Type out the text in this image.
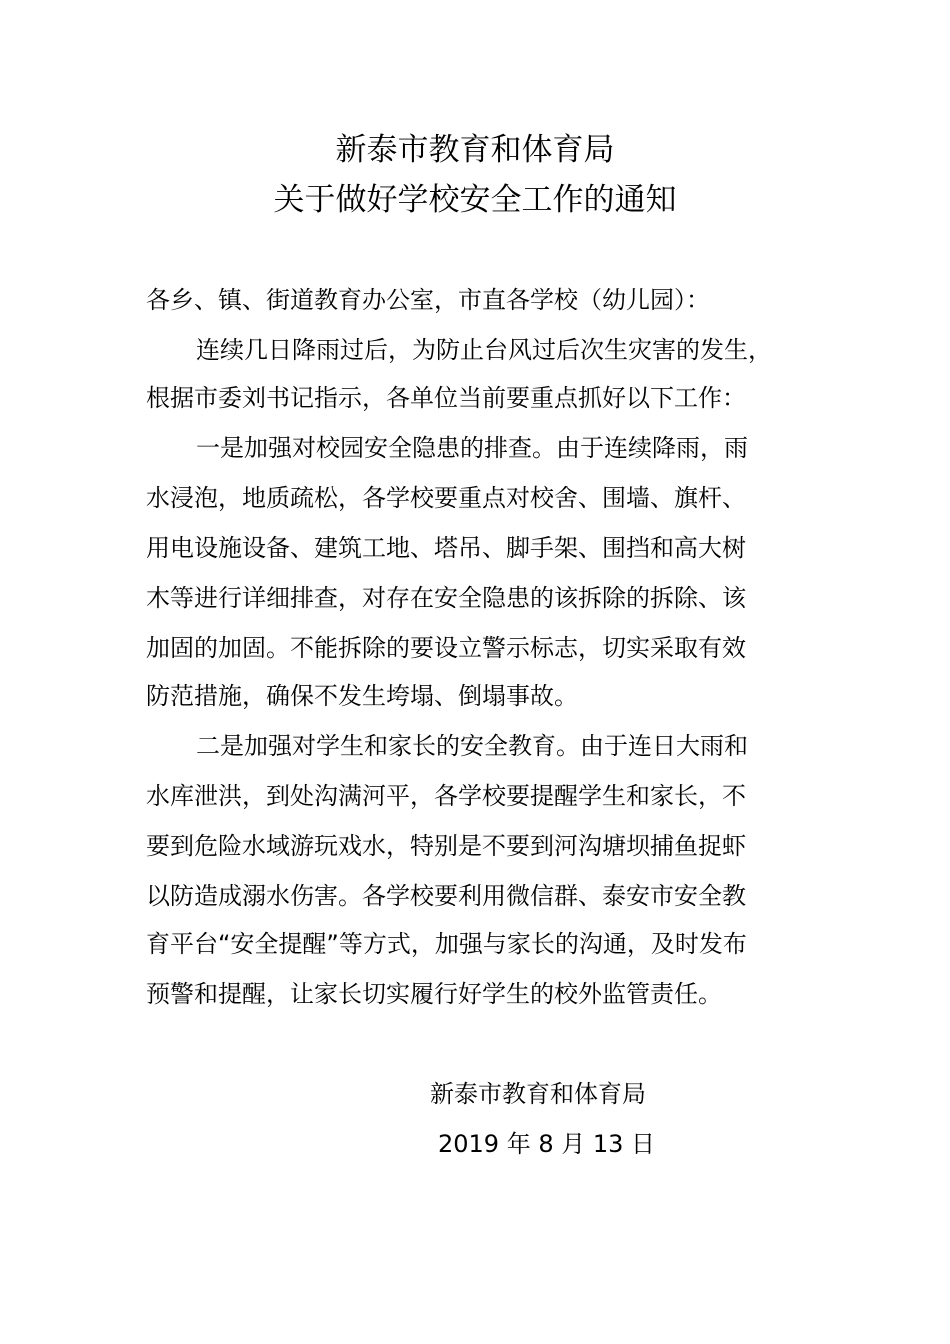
新泰市教育和体育局
关于做好学校安全工作的通知
各乡、镇、街道教育办公室，市直各学校（幼儿园）：
连续几日降雨过后，为防止台风过后次生灾害的发生，
根据市委刘书记指示，各单位当前要重点抓好以下工作：
一是加强对校园安全隐患的排查。由于连续降雨，雨
水浸泡，地质疏松，各学校要重点对校舍、围墙、旗杆、
用电设施设备、建筑工地、塔吊、脚手架、围挡和高大树
木等进行详细排查，对存在安全隐患的该拆除的拆除、该
加固的加固。不能拆除的要设立警示标志，切实采取有效
防范措施，确保不发生垮塌、倒塌事故。
二是加强对学生和家长的安全教育。由于连日大雨和
水库泄洪，到处沟满河平，各学校要提醒学生和家长，不
要到危险水域游玩戏水，特别是不要到河沟塘坝捕鱼捉虾
以防造成溺水伤害。各学校要利用微信群、泰安市安全教
育平台“安全提醒”等方式，加强与家长的沟通，及时发布
预警和提醒，让家长切实履行好学生的校外监管责任。
新泰市教育和体育局
2019 年 8 月 13 日
